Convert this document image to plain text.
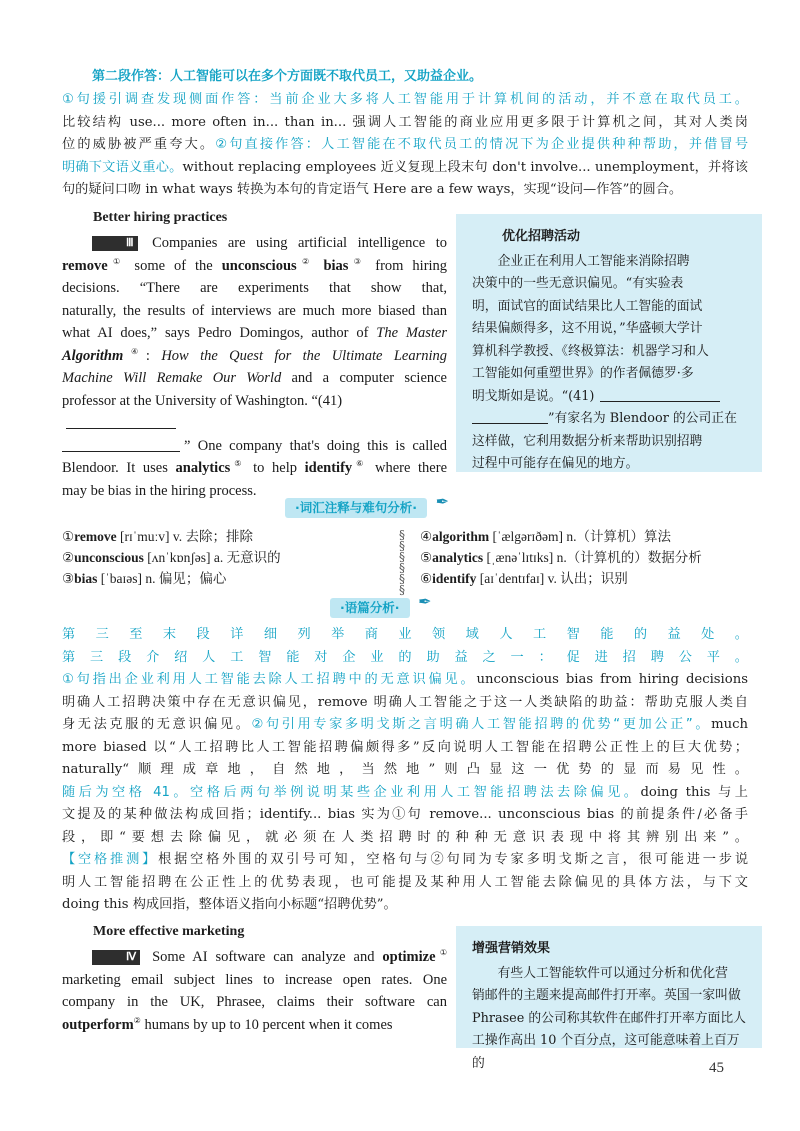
第二段作答：人工智能可以在多个方面既不取代员工，又助益企业。
①句援引调查发现侧面作答：当前企业大多将人工智能用于计算机间的活动，并不意在取代员工。
比较结构 use... more often in... than in... 强调人工智能的商业应用更多限于计算机之间，其对人类岗
位的威胁被严重夸大。②句直接作答：人工智能在不取代员工的情况下为企业提供种种帮助，并借冒号
明确下文语义重心。without replacing employees 近义复现上段末句 don't involve... unemployment，并将该
句的疑问口吻 in what ways 转换为本句的肯定语气 Here are a few ways，实现“设问—作答”的圆合。
Better hiring practices
Ⅲ Companies are using artificial intelligence to
remove① some of the unconscious② bias③ from hiring
decisions. “There are experiments that show that,
naturally, the results of interviews are much more biased than
what AI does,” says Pedro Domingos, author of The Master
Algorithm④: How the Quest for the Ultimate Learning
Machine Will Remake Our World and a computer science
professor at the University of Washington. “(41)
” One company that's doing this is called
Blendoor. It uses analytics⑤ to help identify⑥ where there
may be bias in the hiring process.
优化招聘活动
企业正在利用人工智能来消除招聘
决策中的一些无意识偏见。“有实验表
明，面试官的面试结果比人工智能的面试
结果偏颇得多，这不用说，”华盛顿大学计
算机科学教授、《终极算法：机器学习和人
工智能如何重塑世界》的作者佩德罗·多
明戈斯如是说。“(41)
”有家名为 Blendoor 的公司正在
这样做，它利用数据分析来帮助识别招聘
过程中可能存在偏见的地方。
·词汇注释与难句分析· ✒
①remove [rɪˈmuːv] v. 去除；排除
②unconscious [ʌnˈkɒnʃəs] a. 无意识的
③bias [ˈbaɪəs] n. 偏见；偏心
§
§
§
§
§
§
④algorithm [ˈælgərɪðəm] n.（计算机）算法
⑤analytics [ˌænəˈlɪtɪks] n.（计算机的）数据分析
⑥identify [aɪˈdentɪfaɪ] v. 认出；识别
·语篇分析· ✒
第三至末段详细列举商业领域人工智能的益处。
第三段介绍人工智能对企业的助益之一：促进招聘公平。
①句指出企业利用人工智能去除人工招聘中的无意识偏见。unconscious bias from hiring decisions
明确人工招聘决策中存在无意识偏见，remove 明确人工智能之于这一人类缺陷的助益：帮助克服人类自
身无法克服的无意识偏见。②句引用专家多明戈斯之言明确人工智能招聘的优势“更加公正”。much
more biased 以“人工招聘比人工智能招聘偏颇得多”反向说明人工智能在招聘公正性上的巨大优势；
naturally“顺理成章地，自然地，当然地”则凸显这一优势的显而易见性。
随后为空格 41。空格后两句举例说明某些企业利用人工智能招聘法去除偏见。doing this 与上
文提及的某种做法构成回指；identify... bias 实为①句 remove... unconscious bias 的前提条件/必备手
段，即“要想去除偏见，就必须在人类招聘时的种种无意识表现中将其辨别出来”。
【空格推测】根据空格外围的双引号可知，空格句与②句同为专家多明戈斯之言，很可能进一步说
明人工智能招聘在公正性上的优势表现，也可能提及某种用人工智能去除偏见的具体方法，与下文
doing this 构成回指，整体语义指向小标题“招聘优势”。
More effective marketing
Ⅳ Some AI software can analyze and optimize①
marketing email subject lines to increase open rates. One
company in the UK, Phrasee, claims their software can
outperform② humans by up to 10 percent when it comes
增强营销效果
有些人工智能软件可以通过分析和优化营
销邮件的主题来提高邮件打开率。英国一家叫做
Phrasee 的公司称其软件在邮件打开率方面比人
工操作高出 10 个百分点，这可能意味着上百万的	45
